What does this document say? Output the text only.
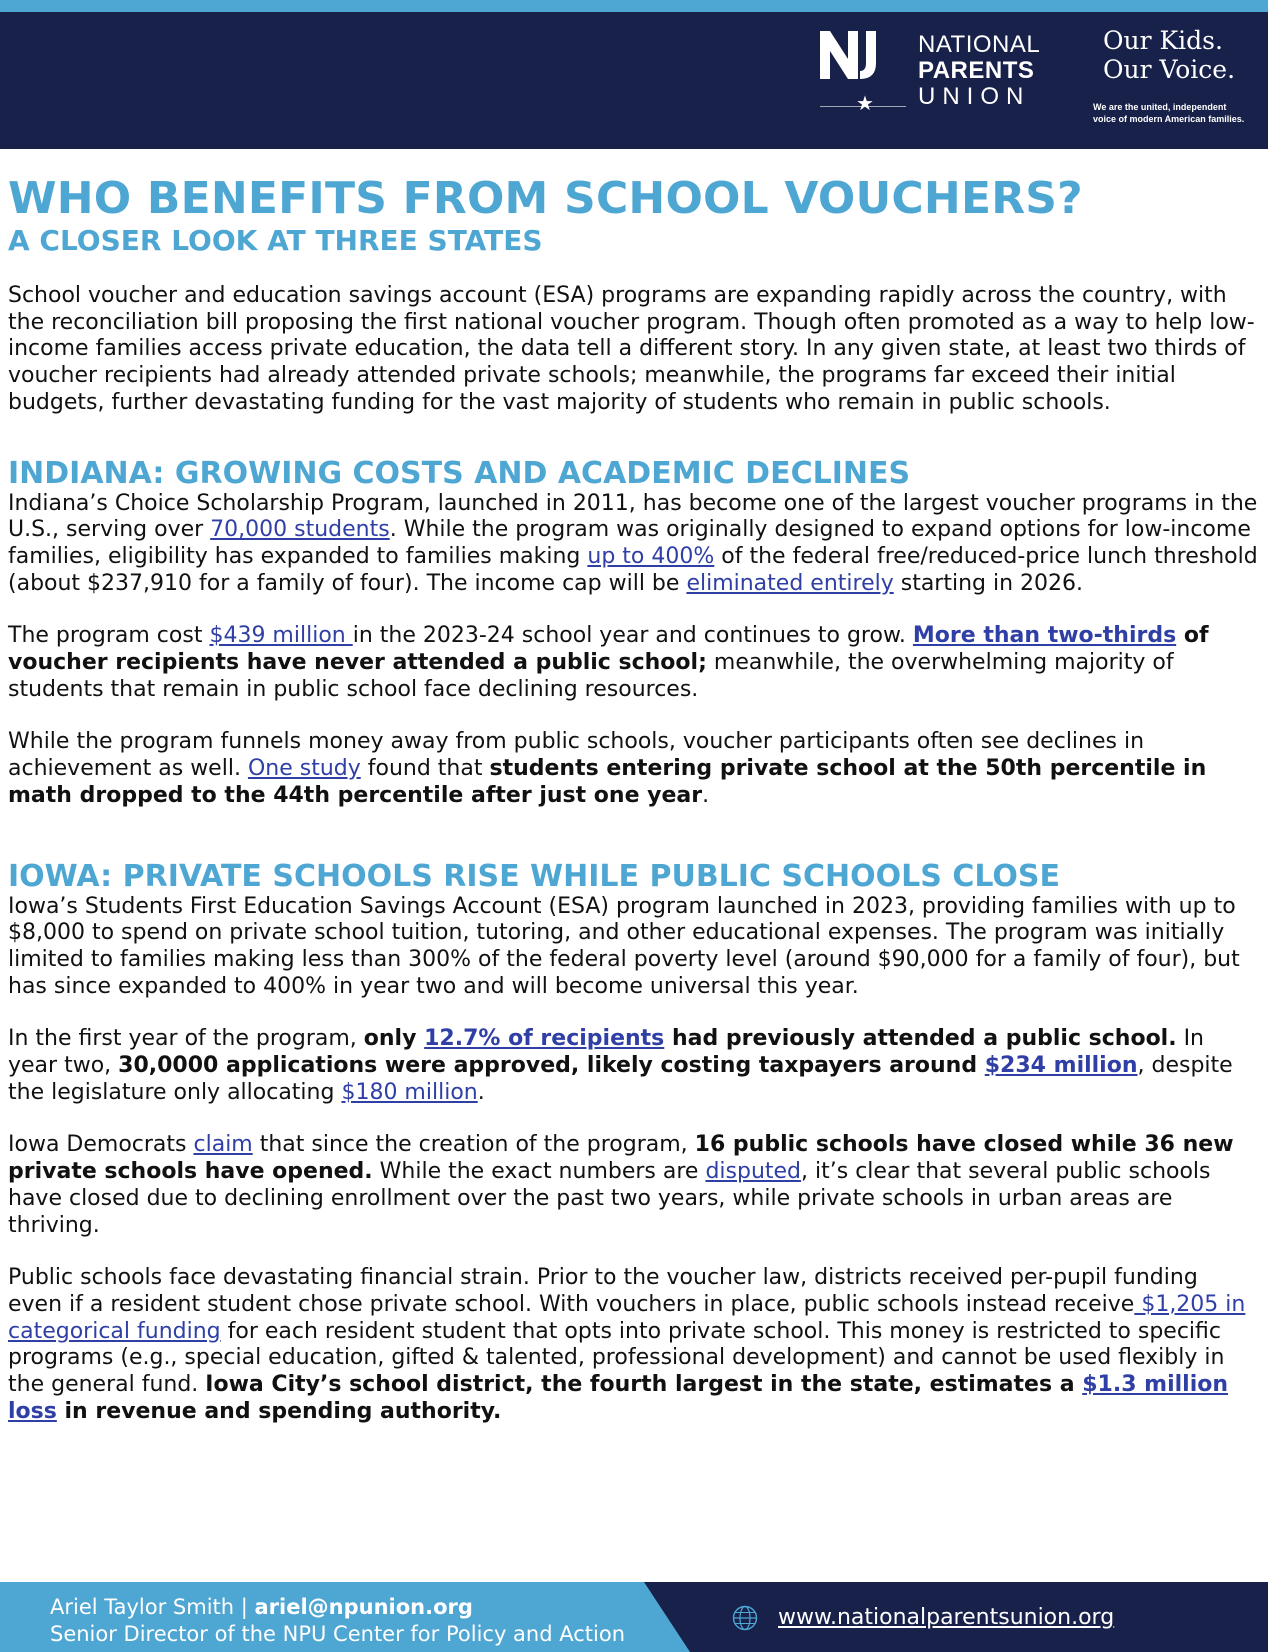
★
NATIONAL
PARENTS
UNION
Our Kids.
Our Voice.
We are the united, independent
voice of modern American families.
WHO BENEFITS FROM SCHOOL VOUCHERS?
A CLOSER LOOK AT THREE STATES

School voucher and education savings account (ESA) programs are expanding rapidly across the country, with the reconciliation bill proposing the first national voucher program. Though often promoted as a way to help low-income families access private education, the data tell a different story. In any given state, at least two thirds of voucher recipients had already attended private schools; meanwhile, the programs far exceed their initial budgets, further devastating funding for the vast majority of students who remain in public schools.

INDIANA: GROWING COSTS AND ACADEMIC DECLINES

Indiana’s Choice Scholarship Program, launched in 2011, has become one of the largest voucher programs in the U.S., serving over 70,000 students. While the program was originally designed to expand options for low-income families, eligibility has expanded to families making up to 400% of the federal free/reduced-price lunch threshold (about $237,910 for a family of four). The income cap will be eliminated entirely starting in 2026.

The program cost $439 million in the 2023-24 school year and continues to grow. More than two-thirds of voucher recipients have never attended a public school; meanwhile, the overwhelming majority of students that remain in public school face declining resources.

While the program funnels money away from public schools, voucher participants often see declines in achievement as well. One study found that students entering private school at the 50th percentile in math dropped to the 44th percentile after just one year.

IOWA: PRIVATE SCHOOLS RISE WHILE PUBLIC SCHOOLS CLOSE

Iowa’s Students First Education Savings Account (ESA) program launched in 2023, providing families with up to $8,000 to spend on private school tuition, tutoring, and other educational expenses. The program was initially limited to families making less than 300% of the federal poverty level (around $90,000 for a family of four), but has since expanded to 400% in year two and will become universal this year.

In the first year of the program, only 12.7% of recipients had previously attended a public school. In year two, 30,0000 applications were approved, likely costing taxpayers around $234 million, despite the legislature only allocating $180 million.

Iowa Democrats claim that since the creation of the program, 16 public schools have closed while 36 new private schools have opened. While the exact numbers are disputed, it’s clear that several public schools have closed due to declining enrollment over the past two years, while private schools in urban areas are thriving.

Public schools face devastating financial strain. Prior to the voucher law, districts received per-pupil funding even if a resident student chose private school. With vouchers in place, public schools instead receive $1,205 in categorical funding for each resident student that opts into private school. This money is restricted to specific programs (e.g., special education, gifted & talented, professional development) and cannot be used flexibly in the general fund. Iowa City’s school district, the fourth largest in the state, estimates a $1.3 million loss in revenue and spending authority.

Ariel Taylor Smith | ariel@npunion.org
Senior Director of the NPU Center for Policy and Action
www.nationalparentsunion.org
